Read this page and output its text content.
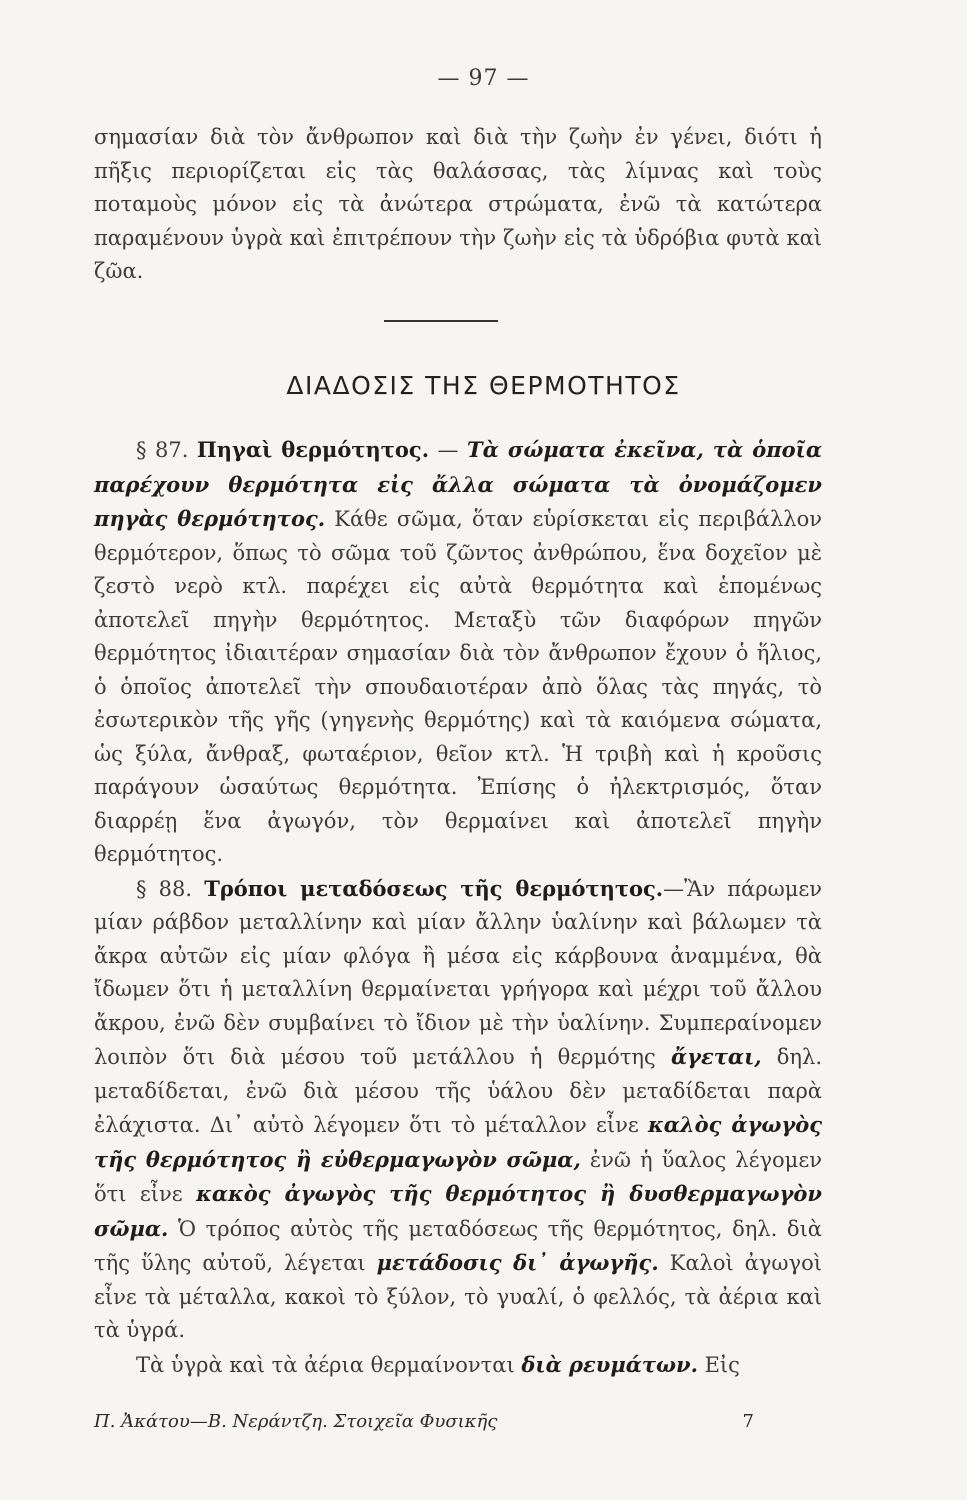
— 97 —

σημασίαν διὰ τὸν ἄνθρωπον καὶ διὰ τὴν ζωὴν ἐν γένει, διότι ἡ πῆξις περιορίζεται εἰς τὰς θαλάσσας, τὰς λίμνας καὶ τοὺς ποταμοὺς μόνον εἰς τὰ ἀνώτερα στρώματα, ἐνῶ τὰ κατώτερα παραμένουν ὑγρὰ καὶ ἐπιτρέπουν τὴν ζωὴν εἰς τὰ ὑδρόβια φυτὰ καὶ ζῶα.

ΔΙΑΔΟΣΙΣ ΤΗΣ ΘΕΡΜΟΤΗΤΟΣ

§ 87. Πηγαὶ θερμότητος. — Τὰ σώματα ἐκεῖνα, τὰ ὁποῖα παρέχουν θερμότητα εἰς ἄλλα σώματα τὰ ὀνομάζομεν πηγὰς θερμότητος. Κάθε σῶμα, ὅταν εὑρίσκεται εἰς περιβάλλον θερμότερον, ὅπως τὸ σῶμα τοῦ ζῶντος ἀνθρώπου, ἕνα δοχεῖον μὲ ζεστὸ νερὸ κτλ. παρέχει εἰς αὐτὰ θερμότητα καὶ ἑπομένως ἀποτελεῖ πηγὴν θερμότητος. Μεταξὺ τῶν διαφόρων πηγῶν θερμότητος ἰδιαιτέραν σημασίαν διὰ τὸν ἄνθρωπον ἔχουν ὁ ἥλιος, ὁ ὁποῖος ἀποτελεῖ τὴν σπουδαιοτέραν ἀπὸ ὅλας τὰς πηγάς, τὸ ἐσωτερικὸν τῆς γῆς (γηγενὴς θερμότης) καὶ τὰ καιόμενα σώματα, ὡς ξύλα, ἄνθραξ, φωταέριον, θεῖον κτλ. Ἡ τριβὴ καὶ ἡ κροῦσις παράγουν ὡσαύτως θερμότητα. Ἐπίσης ὁ ἠλεκτρισμός, ὅταν διαρρέῃ ἕνα ἀγωγόν, τὸν θερμαίνει καὶ ἀποτελεῖ πηγὴν θερμότητος.

§ 88. Τρόποι μεταδόσεως τῆς θερμότητος.—Ἂν πάρωμεν μίαν ράβδον μεταλλίνην καὶ μίαν ἄλλην ὑαλίνην καὶ βάλωμεν τὰ ἄκρα αὐτῶν εἰς μίαν φλόγα ἢ μέσα εἰς κάρβουνα ἀναμμένα, θὰ ἴδωμεν ὅτι ἡ μεταλλίνη θερμαίνεται γρήγορα καὶ μέχρι τοῦ ἄλλου ἄκρου, ἐνῶ δὲν συμβαίνει τὸ ἴδιον μὲ τὴν ὑαλίνην. Συμπεραίνομεν λοιπὸν ὅτι διὰ μέσου τοῦ μετάλλου ἡ θερμότης ἄγεται, δηλ. μεταδίδεται, ἐνῶ διὰ μέσου τῆς ὑάλου δὲν μεταδίδεται παρὰ ἐλάχιστα. Δι᾽ αὐτὸ λέγομεν ὅτι τὸ μέταλλον εἶνε καλὸς ἀγωγὸς τῆς θερμότητος ἢ εὐθερμαγωγὸν σῶμα, ἐνῶ ἡ ὕαλος λέγομεν ὅτι εἶνε κακὸς ἀγωγὸς τῆς θερμότητος ἢ δυσθερμαγωγὸν σῶμα. Ὁ τρόπος αὐτὸς τῆς μεταδόσεως τῆς θερμότητος, δηλ. διὰ τῆς ὕλης αὐτοῦ, λέγεται μετάδοσις δι᾽ ἀγωγῆς. Καλοὶ ἀγωγοὶ εἶνε τὰ μέταλλα, κακοὶ τὸ ξύλον, τὸ γυαλί, ὁ φελλός, τὰ ἀέρια καὶ τὰ ὑγρά.

Τὰ ὑγρὰ καὶ τὰ ἀέρια θερμαίνονται διὰ ρευμάτων. Εἰς

Π. Ἀκάτου—Β. Νεράντζη. Στοιχεῖα Φυσικῆς	7
